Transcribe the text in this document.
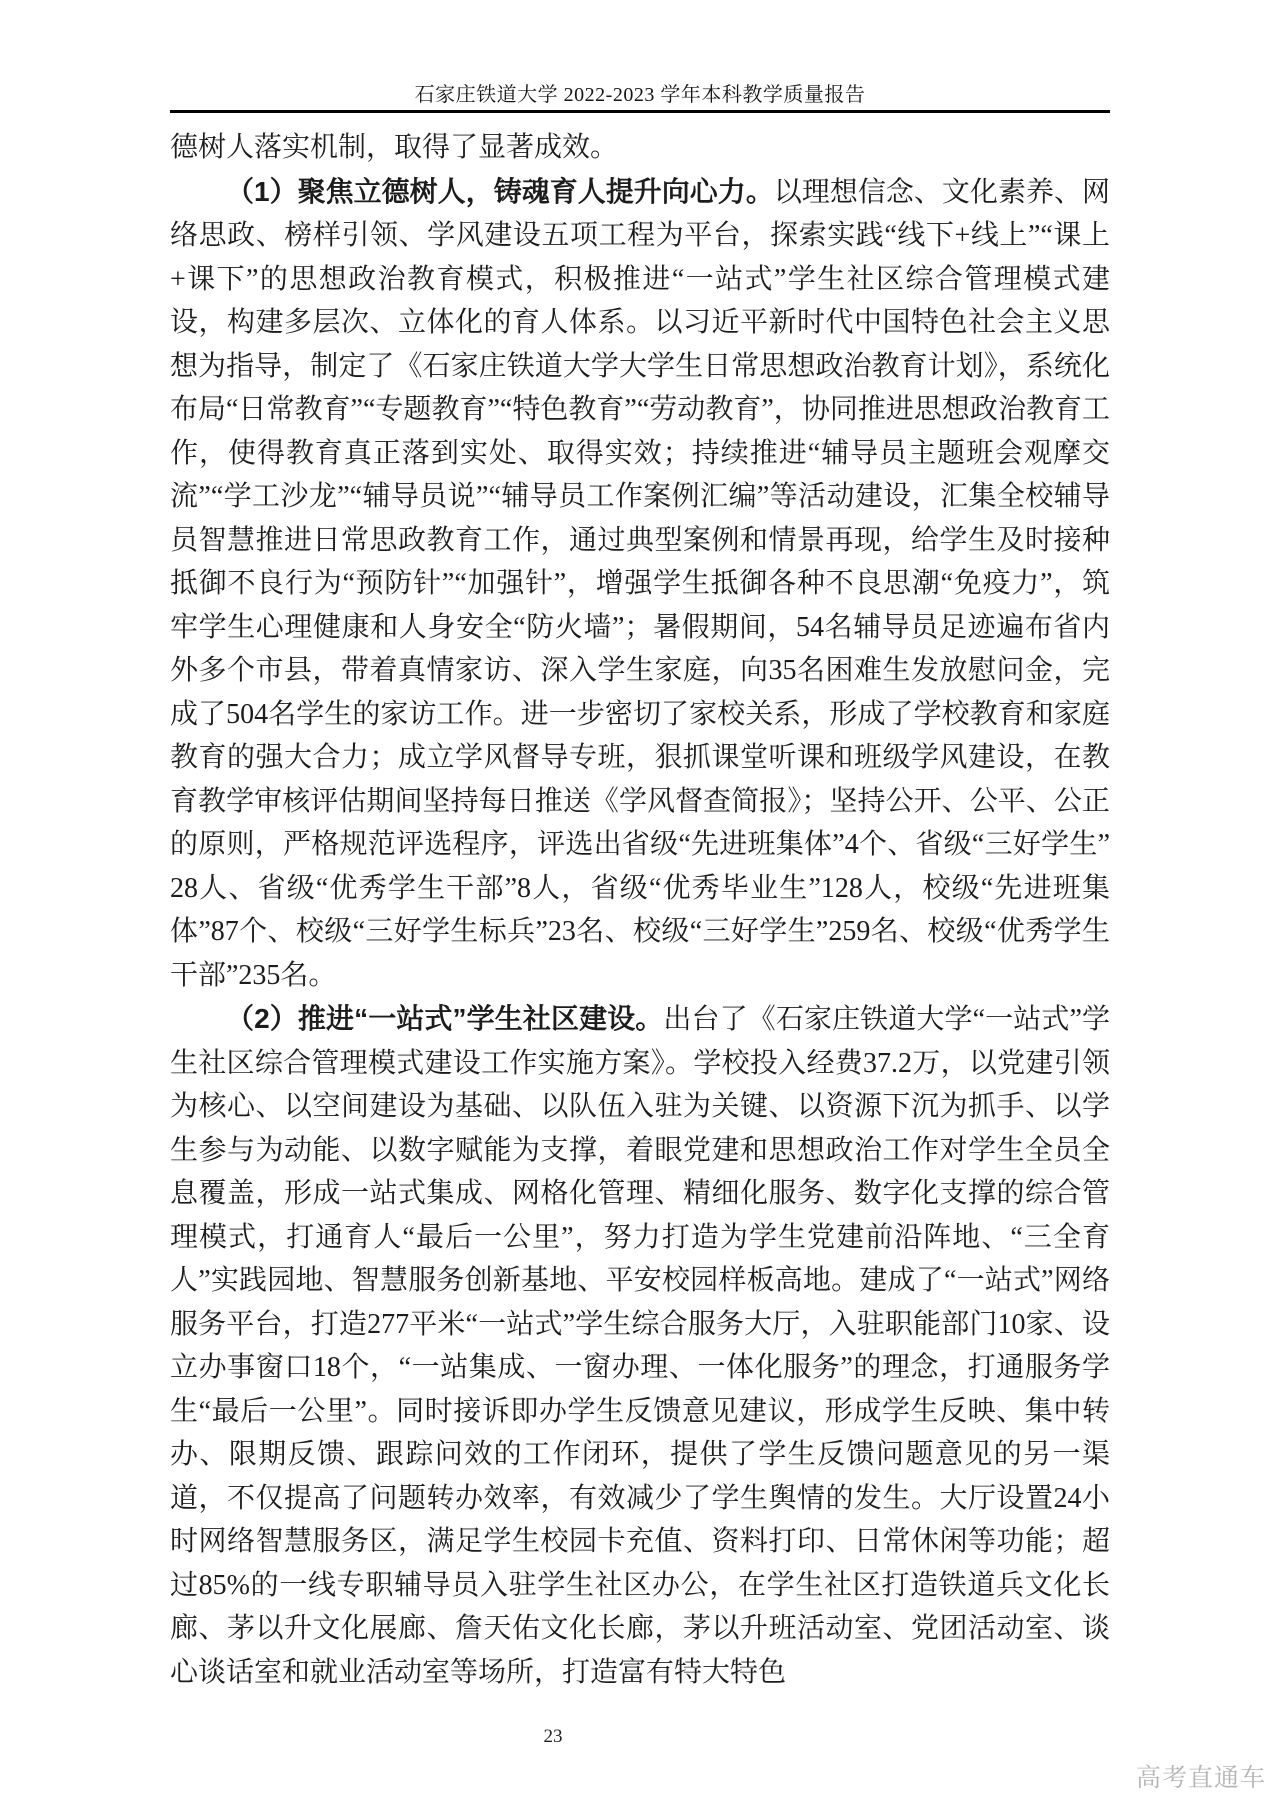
石家庄铁道大学 2022-2023 学年本科教学质量报告

德树人落实机制，取得了显著成效。

（1）聚焦立德树人，铸魂育人提升向心力。以理想信念、文化素养、网络思政、榜样引领、学风建设五项工程为平台，探索实践“线下+线上”“课上+课下”的思想政治教育模式，积极推进“一站式”学生社区综合管理模式建设，构建多层次、立体化的育人体系。以习近平新时代中国特色社会主义思想为指导，制定了《石家庄铁道大学大学生日常思想政治教育计划》，系统化布局“日常教育”“专题教育”“特色教育”“劳动教育”，协同推进思想政治教育工作，使得教育真正落到实处、取得实效；持续推进“辅导员主题班会观摩交流”“学工沙龙”“辅导员说”“辅导员工作案例汇编”等活动建设，汇集全校辅导员智慧推进日常思政教育工作，通过典型案例和情景再现，给学生及时接种抵御不良行为“预防针”“加强针”，增强学生抵御各种不良思潮“免疫力”，筑牢学生心理健康和人身安全“防火墙”；暑假期间，54名辅导员足迹遍布省内外多个市县，带着真情家访、深入学生家庭，向35名困难生发放慰问金，完成了504名学生的家访工作。进一步密切了家校关系，形成了学校教育和家庭教育的强大合力；成立学风督导专班，狠抓课堂听课和班级学风建设，在教育教学审核评估期间坚持每日推送《学风督查简报》；坚持公开、公平、公正的原则，严格规范评选程序，评选出省级“先进班集体”4个、省级“三好学生”28人、省级“优秀学生干部”8人，省级“优秀毕业生”128人，校级“先进班集体”87个、校级“三好学生标兵”23名、校级“三好学生”259名、校级“优秀学生干部”235名。

（2）推进“一站式”学生社区建设。出台了《石家庄铁道大学“一站式”学生社区综合管理模式建设工作实施方案》。学校投入经费37.2万，以党建引领为核心、以空间建设为基础、以队伍入驻为关键、以资源下沉为抓手、以学生参与为动能、以数字赋能为支撑，着眼党建和思想政治工作对学生全员全息覆盖，形成一站式集成、网格化管理、精细化服务、数字化支撑的综合管理模式，打通育人“最后一公里”，努力打造为学生党建前沿阵地、“三全育人”实践园地、智慧服务创新基地、平安校园样板高地。建成了“一站式”网络服务平台，打造277平米“一站式”学生综合服务大厅，入驻职能部门10家、设立办事窗口18个，“一站集成、一窗办理、一体化服务”的理念，打通服务学生“最后一公里”。同时接诉即办学生反馈意见建议，形成学生反映、集中转办、限期反馈、跟踪问效的工作闭环，提供了学生反馈问题意见的另一渠道，不仅提高了问题转办效率，有效减少了学生舆情的发生。大厅设置24小时网络智慧服务区，满足学生校园卡充值、资料打印、日常休闲等功能；超过85%的一线专职辅导员入驻学生社区办公，在学生社区打造铁道兵文化长廊、茅以升文化展廊、詹天佑文化长廊，茅以升班活动室、党团活动室、谈心谈话室和就业活动室等场所，打造富有特大特色

23
高考直通车
